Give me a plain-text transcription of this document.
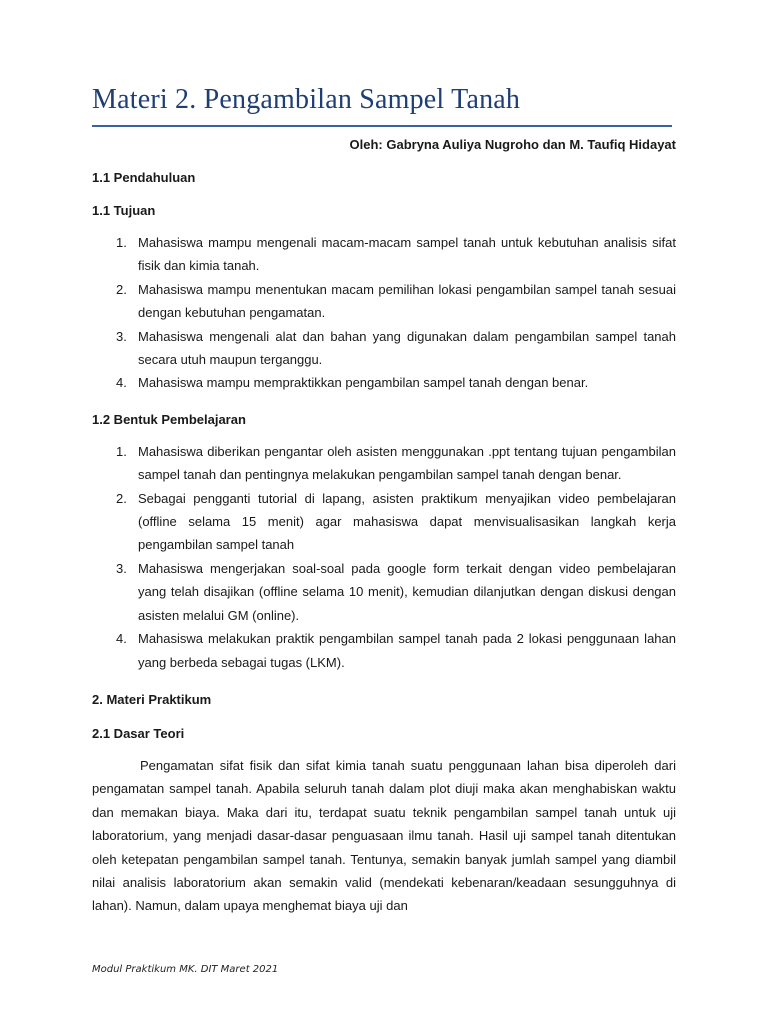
Materi 2. Pengambilan Sampel Tanah

Oleh: Gabryna Auliya Nugroho dan M. Taufiq Hidayat

1.1 Pendahuluan

1.1 Tujuan

1. Mahasiswa mampu mengenali macam-macam sampel tanah untuk kebutuhan analisis sifat fisik dan kimia tanah.
2. Mahasiswa mampu menentukan macam pemilihan lokasi pengambilan sampel tanah sesuai dengan kebutuhan pengamatan.
3. Mahasiswa mengenali alat dan bahan yang digunakan dalam pengambilan sampel tanah secara utuh maupun terganggu.
4. Mahasiswa mampu mempraktikkan pengambilan sampel tanah dengan benar.

1.2 Bentuk Pembelajaran

1. Mahasiswa diberikan pengantar oleh asisten menggunakan .ppt tentang tujuan pengambilan sampel tanah dan pentingnya melakukan pengambilan sampel tanah dengan benar.
2. Sebagai pengganti tutorial di lapang, asisten praktikum menyajikan video pembelajaran (offline selama 15 menit) agar mahasiswa dapat menvisualisasikan langkah kerja pengambilan sampel tanah
3. Mahasiswa mengerjakan soal-soal pada google form terkait dengan video pembelajaran yang telah disajikan (offline selama 10 menit), kemudian dilanjutkan dengan diskusi dengan asisten melalui GM (online).
4. Mahasiswa melakukan praktik pengambilan sampel tanah pada 2 lokasi penggunaan lahan yang berbeda sebagai tugas (LKM).

2. Materi Praktikum

2.1 Dasar Teori

Pengamatan sifat fisik dan sifat kimia tanah suatu penggunaan lahan bisa diperoleh dari pengamatan sampel tanah. Apabila seluruh tanah dalam plot diuji maka akan menghabiskan waktu dan memakan biaya. Maka dari itu, terdapat suatu teknik pengambilan sampel tanah untuk uji laboratorium, yang menjadi dasar-dasar penguasaan ilmu tanah. Hasil uji sampel tanah ditentukan oleh ketepatan pengambilan sampel tanah. Tentunya, semakin banyak jumlah sampel yang diambil nilai analisis laboratorium akan semakin valid (mendekati kebenaran/keadaan sesungguhnya di lahan). Namun, dalam upaya menghemat biaya uji dan

Modul Praktikum MK. DIT Maret 2021
